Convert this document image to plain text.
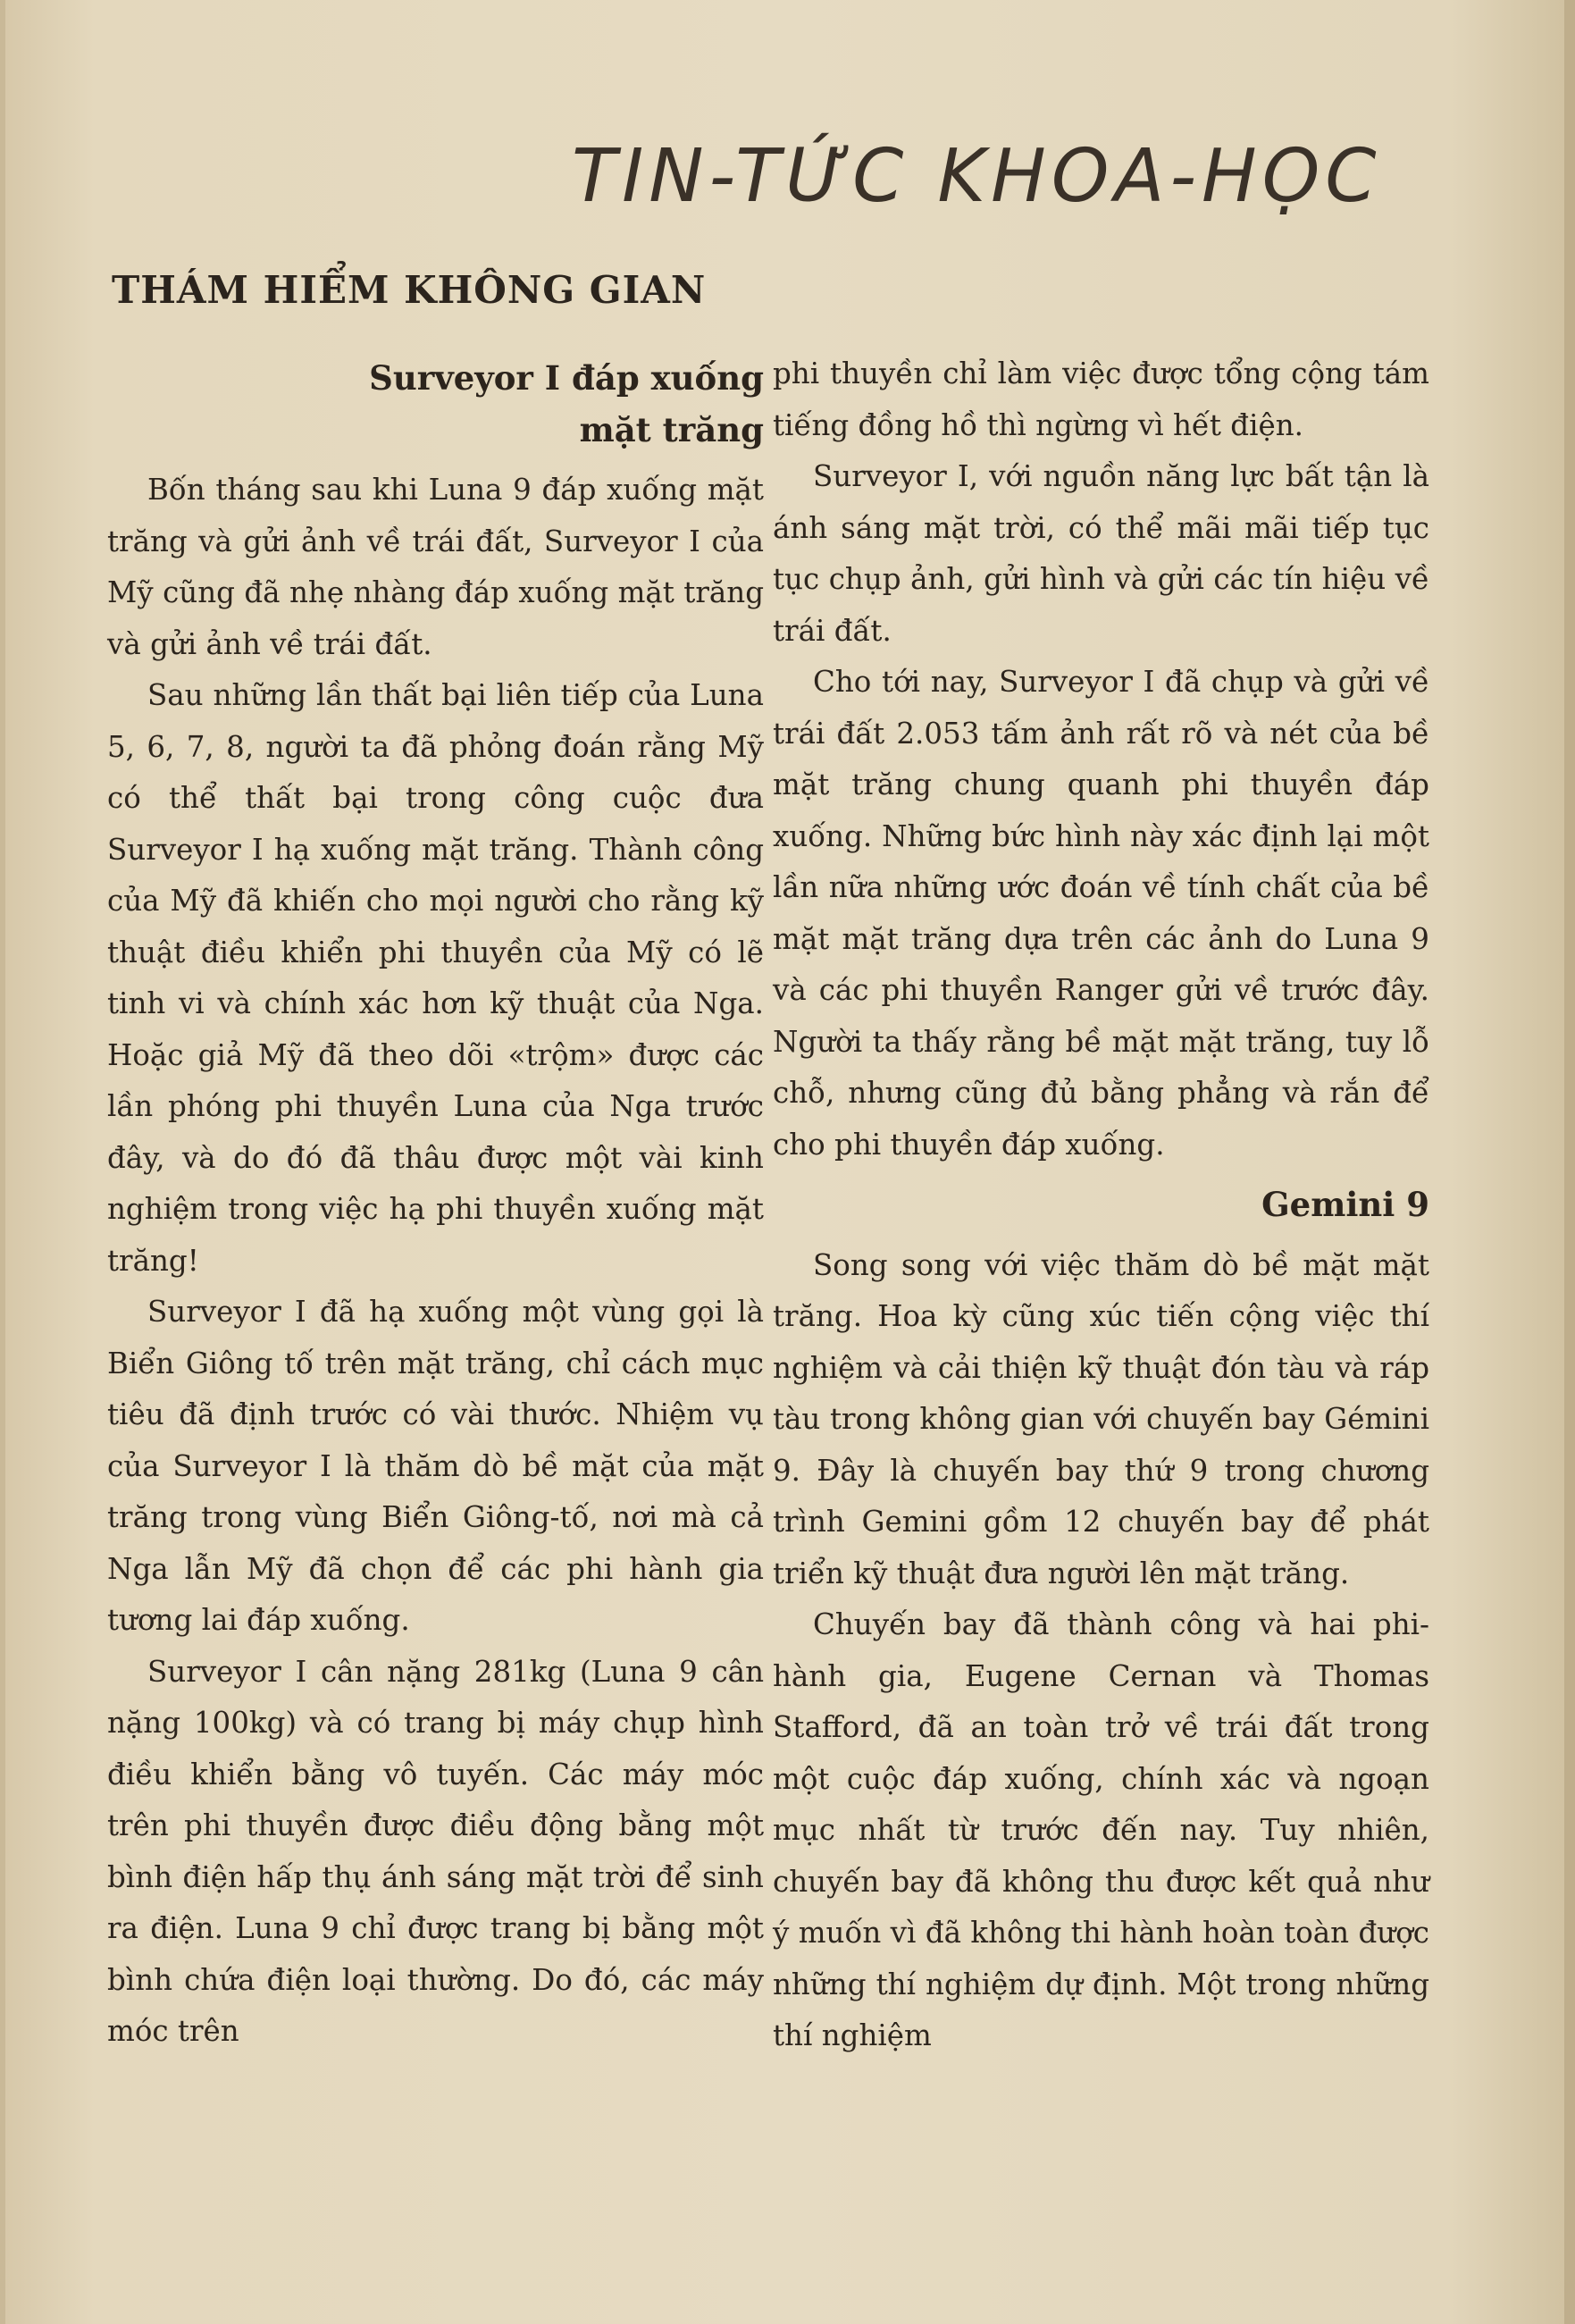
TIN-TỨC KHOA-HỌC
THÁM HIỂM KHÔNG GIAN
Surveyor I đáp xuống
mặt trăng

Bốn tháng sau khi Luna 9 đáp xuống mặt trăng và gửi ảnh về trái đất, Surveyor I của Mỹ cũng đã nhẹ nhàng đáp xuống mặt trăng và gửi ảnh về trái đất.

Sau những lần thất bại liên tiếp của Luna 5, 6, 7, 8, người ta đã phỏng đoán rằng Mỹ có thể thất bại trong công cuộc đưa Surveyor I hạ xuống mặt trăng. Thành công của Mỹ đã khiến cho mọi người cho rằng kỹ thuật điều khiển phi thuyền của Mỹ có lẽ tinh vi và chính xác hơn kỹ thuật của Nga. Hoặc giả Mỹ đã theo dõi «trộm» được các lần phóng phi thuyền Luna của Nga trước đây, và do đó đã thâu được một vài kinh nghiệm trong việc hạ phi thuyền xuống mặt trăng!

Surveyor I đã hạ xuống một vùng gọi là Biển Giông tố trên mặt trăng, chỉ cách mục tiêu đã định trước có vài thước. Nhiệm vụ của Surveyor I là thăm dò bề mặt của mặt trăng trong vùng Biển Giông-tố, nơi mà cả Nga lẫn Mỹ đã chọn để các phi hành gia tương lai đáp xuống.

Surveyor I cân nặng 281kg (Luna 9 cân nặng 100kg) và có trang bị máy chụp hình điều khiển bằng vô tuyến. Các máy móc trên phi thuyền được điều động bằng một bình điện hấp thụ ánh sáng mặt trời để sinh ra điện. Luna 9 chỉ được trang bị bằng một bình chứa điện loại thường. Do đó, các máy móc trên

phi thuyền chỉ làm việc được tổng cộng tám tiếng đồng hồ thì ngừng vì hết điện.

Surveyor I, với nguồn năng lực bất tận là ánh sáng mặt trời, có thể mãi mãi tiếp tục tục chụp ảnh, gửi hình và gửi các tín hiệu về trái đất.

Cho tới nay, Surveyor I đã chụp và gửi về trái đất 2.053 tấm ảnh rất rõ và nét của bề mặt trăng chung quanh phi thuyền đáp xuống. Những bức hình này xác định lại một lần nữa những ước đoán về tính chất của bề mặt mặt trăng dựa trên các ảnh do Luna 9 và các phi thuyền Ranger gửi về trước đây. Người ta thấy rằng bề mặt mặt trăng, tuy lỗ chỗ, nhưng cũng đủ bằng phẳng và rắn để cho phi thuyền đáp xuống.

Gemini 9

Song song với việc thăm dò bề mặt mặt trăng. Hoa kỳ cũng xúc tiến cộng việc thí nghiệm và cải thiện kỹ thuật đón tàu và ráp tàu trong không gian với chuyến bay Gémini 9. Đây là chuyến bay thứ 9 trong chương trình Gemini gồm 12 chuyến bay để phát triển kỹ thuật đưa người lên mặt trăng.

Chuyến bay đã thành công và hai phi-hành gia, Eugene Cernan và Thomas Stafford, đã an toàn trở về trái đất trong một cuộc đáp xuống, chính xác và ngoạn mục nhất từ trước đến nay. Tuy nhiên, chuyến bay đã không thu được kết quả như ý muốn vì đã không thi hành hoàn toàn được những thí nghiệm dự định. Một trong những thí nghiệm
